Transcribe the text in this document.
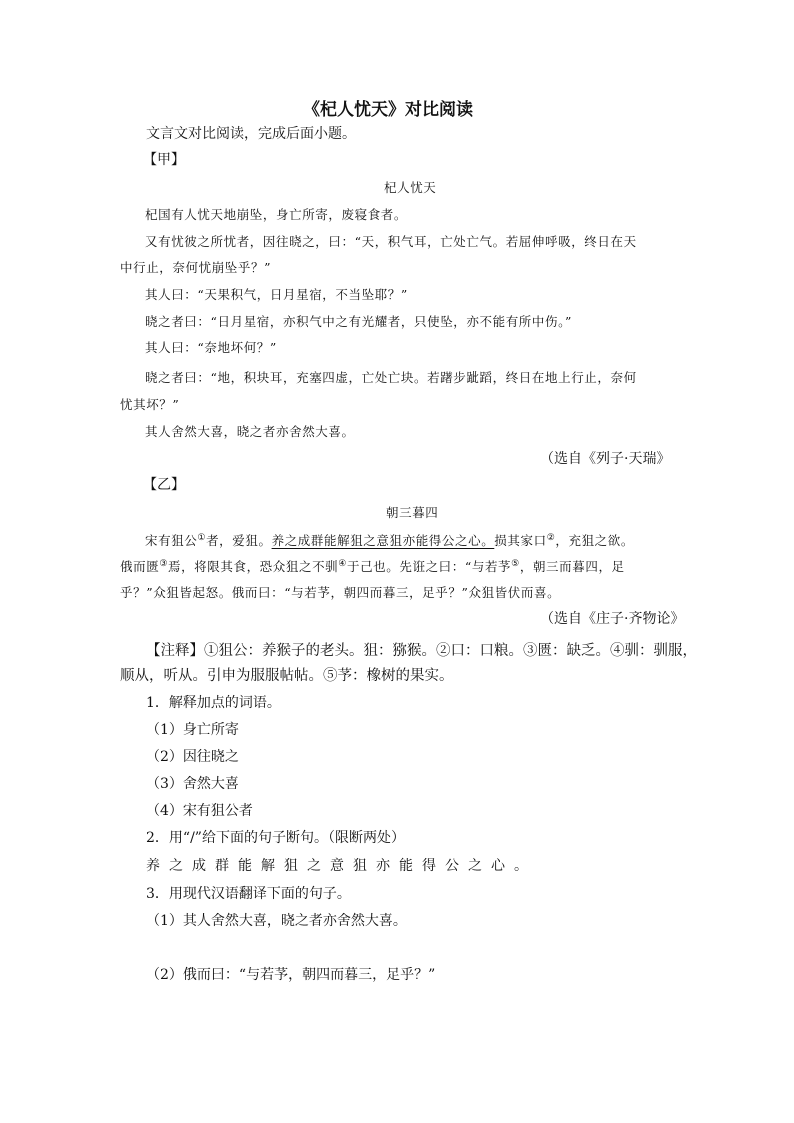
《杞人忧天》对比阅读
文言文对比阅读，完成后面小题。
【甲】
杞人忧天
杞国有人忧天地崩坠，身亡所寄，废寝食者。
又有忧彼之所忧者，因往晓之，曰：“天，积气耳，亡处亡气。若屈伸呼吸，终日在天
中行止，奈何忧崩坠乎？”
其人曰：“天果积气，日月星宿，不当坠耶？”
晓之者曰：“日月星宿，亦积气中之有光耀者，只使坠，亦不能有所中伤。”
其人曰：“奈地坏何？”
晓之者曰：“地，积块耳，充塞四虚，亡处亡块。若躇步跐蹈，终日在地上行止，奈何
忧其坏？”
其人舍然大喜，晓之者亦舍然大喜。
（选自《列子·天瑞》
【乙】
朝三暮四
宋有狙公①者，爱狙。养之成群能解狙之意狙亦能得公之心。损其家口②，充狙之欲。
俄而匮③焉，将限其食，恐众狙之不驯④于己也。先诳之曰：“与若芧⑤，朝三而暮四，足
乎？”众狙皆起怒。俄而曰：“与若芧，朝四而暮三，足乎？”众狙皆伏而喜。
（选自《庄子·齐物论》
【注释】①狙公：养猴子的老头。狙：猕猴。②口：口粮。③匮：缺乏。④驯：驯服，
顺从，听从。引申为服服帖帖。⑤芧：橡树的果实。
1．解释加点的词语。
（1）身亡所寄
（2）因往晓之
（3）舍然大喜
（4）宋有狙公者
2．用“/”给下面的句子断句。（限断两处）
养之成群能解狙之意狙亦能得公之心。
3．用现代汉语翻译下面的句子。
（1）其人舍然大喜，晓之者亦舍然大喜。
（2）俄而曰：“与若芧，朝四而暮三，足乎？”
